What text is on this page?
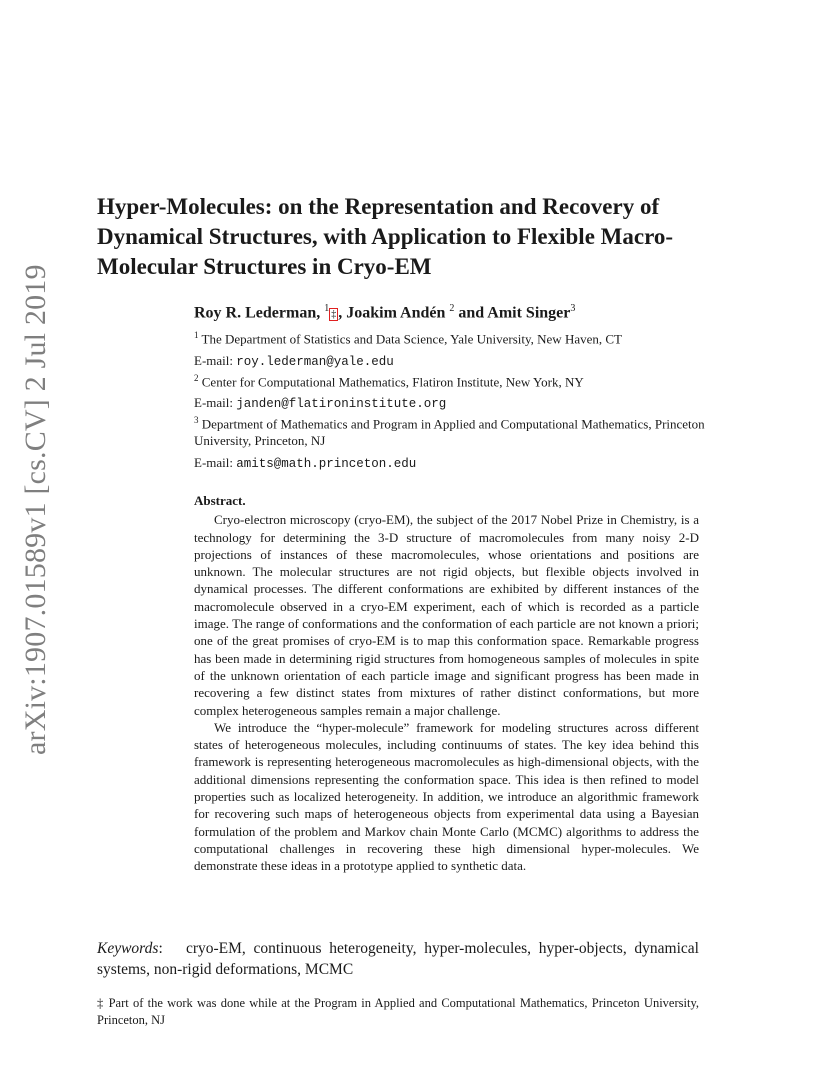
arXiv:1907.01589v1 [cs.CV] 2 Jul 2019
Hyper-Molecules: on the Representation and Recovery of Dynamical Structures, with Application to Flexible Macro-Molecular Structures in Cryo-EM
Roy R. Lederman, $^1$‡ , Joakim Andén $^2$ and Amit Singer$^3$
$^1$ The Department of Statistics and Data Science, Yale University, New Haven, CT
E-mail: roy.lederman@yale.edu
$^2$ Center for Computational Mathematics, Flatiron Institute, New York, NY
E-mail: janden@flatironinstitute.org
$^3$ Department of Mathematics and Program in Applied and Computational Mathematics, Princeton University, Princeton, NJ
E-mail: amits@math.princeton.edu
Abstract.

Cryo-electron microscopy (cryo-EM), the subject of the 2017 Nobel Prize in Chemistry, is a technology for determining the 3-D structure of macromolecules from many noisy 2-D projections of instances of these macromolecules, whose orientations and positions are unknown. The molecular structures are not rigid objects, but flexible objects involved in dynamical processes. The different conformations are exhibited by different instances of the macromolecule observed in a cryo-EM experiment, each of which is recorded as a particle image. The range of conformations and the conformation of each particle are not known a priori; one of the great promises of cryo-EM is to map this conformation space. Remarkable progress has been made in determining rigid structures from homogeneous samples of molecules in spite of the unknown orientation of each particle image and significant progress has been made in recovering a few distinct states from mixtures of rather distinct conformations, but more complex heterogeneous samples remain a major challenge.

We introduce the “hyper-molecule” framework for modeling structures across different states of heterogeneous molecules, including continuums of states. The key idea behind this framework is representing heterogeneous macromolecules as high-dimensional objects, with the additional dimensions representing the conformation space. This idea is then refined to model properties such as localized heterogeneity. In addition, we introduce an algorithmic framework for recovering such maps of heterogeneous objects from experimental data using a Bayesian formulation of the problem and Markov chain Monte Carlo (MCMC) algorithms to address the computational challenges in recovering these high dimensional hyper-molecules. We demonstrate these ideas in a prototype applied to synthetic data.

Keywords:   cryo-EM, continuous heterogeneity, hyper-molecules, hyper-objects, dynamical systems, non-rigid deformations, MCMC
‡ Part of the work was done while at the Program in Applied and Computational Mathematics, Princeton University, Princeton, NJ
